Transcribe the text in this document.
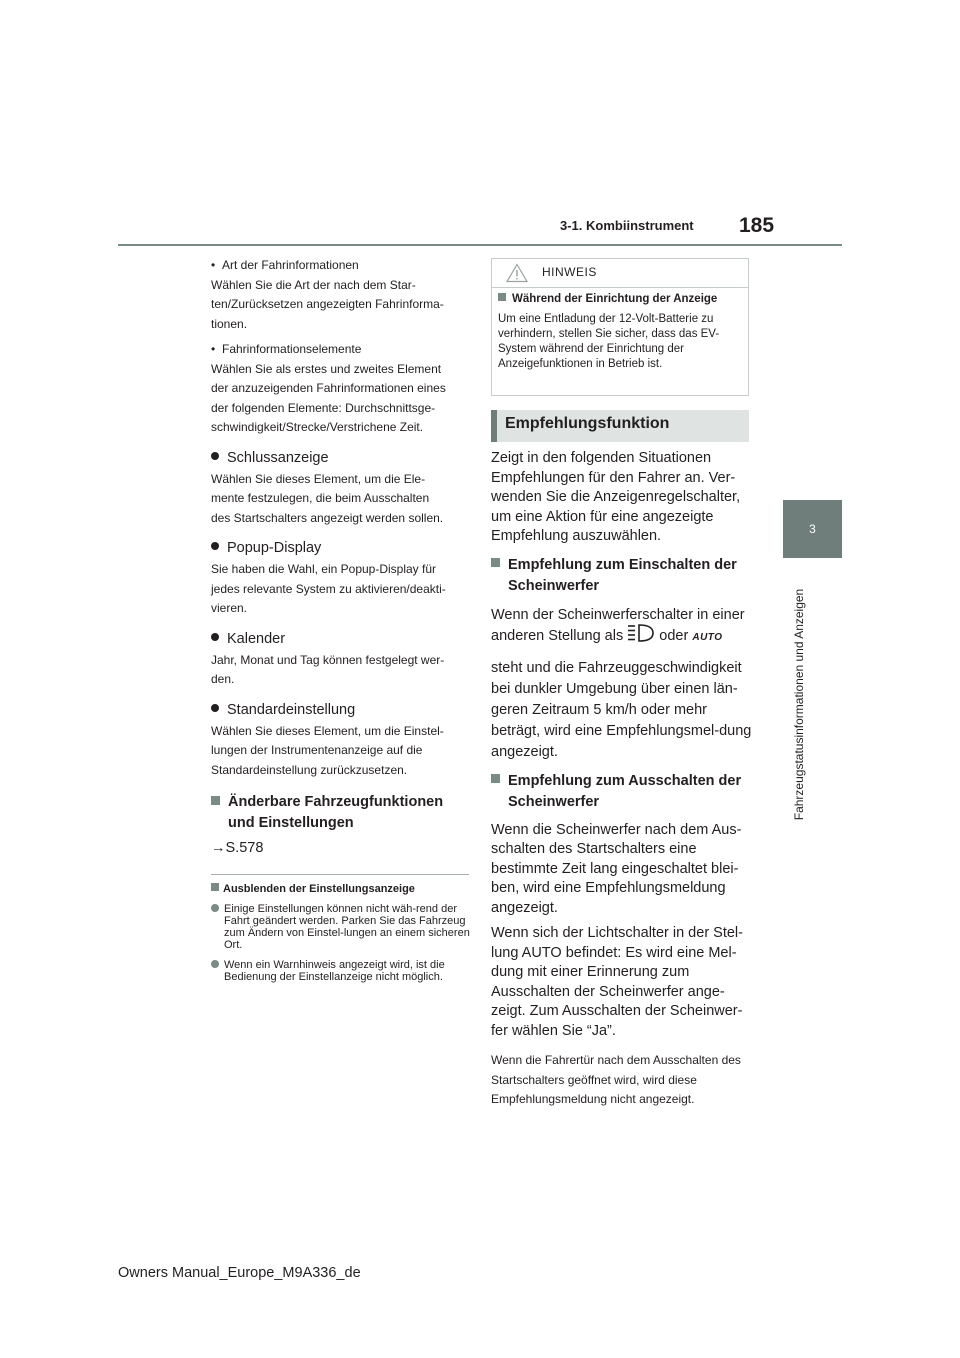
3-1. Kombiinstrument 185
3
Fahrzeugstatusinformationen und Anzeigen

• Art der Fahrinformationen

Wählen Sie die Art der nach dem Star-

ten/Zurücksetzen angezeigten Fahrinforma-

tionen.

• Fahrinformationselemente

Wählen Sie als erstes und zweites Element

der anzuzeigenden Fahrinformationen eines

der folgenden Elemente: Durchschnittsge-

schwindigkeit/Strecke/Verstrichene Zeit.

Schlussanzeige

Wählen Sie dieses Element, um die Ele-

mente festzulegen, die beim Ausschalten

des Startschalters angezeigt werden sollen.

Popup-Display

Sie haben die Wahl, ein Popup-Display für

jedes relevante System zu aktivieren/deakti-

vieren.

Kalender

Jahr, Monat und Tag können festgelegt wer-

den.

Standardeinstellung

Wählen Sie dieses Element, um die Einstel-

lungen der Instrumentenanzeige auf die

Standardeinstellung zurückzusetzen.

Änderbare Fahrzeugfunktionen und Einstellungen
→S.578
Ausblenden der Einstellungsanzeige
Einige Einstellungen können nicht wäh-rend der Fahrt geändert werden. Parken Sie das Fahrzeug zum Ändern von Einstel-lungen an einem sicheren Ort.
Wenn ein Warnhinweis angezeigt wird, ist die Bedienung der Einstellanzeige nicht möglich.
HINWEIS
Während der Einrichtung der Anzeige
Um eine Entladung der 12-Volt-Batterie zu verhindern, stellen Sie sicher, dass das EV-System während der Einrichtung der Anzeigefunktionen in Betrieb ist.
Empfehlungsfunktion
Zeigt in den folgenden Situationen Empfehlungen für den Fahrer an. Ver-wenden Sie die Anzeigenregelschalter, um eine Aktion für eine angezeigte Empfehlung auszuwählen.
Empfehlung zum Einschalten der Scheinwerfer
Wenn der Scheinwerferschalter in einer anderen Stellung als oder AUTO
steht und die Fahrzeuggeschwindigkeit bei dunkler Umgebung über einen län-geren Zeitraum 5 km/h oder mehr beträgt, wird eine Empfehlungsmel-dung angezeigt.
Empfehlung zum Ausschalten der Scheinwerfer
Wenn die Scheinwerfer nach dem Aus-schalten des Startschalters eine bestimmte Zeit lang eingeschaltet blei-ben, wird eine Empfehlungsmeldung angezeigt.
Wenn sich der Lichtschalter in der Stel-lung AUTO befindet: Es wird eine Mel-dung mit einer Erinnerung zum Ausschalten der Scheinwerfer ange-zeigt. Zum Ausschalten der Scheinwer-fer wählen Sie “Ja”.
Wenn die Fahrertür nach dem Ausschalten des Startschalters geöffnet wird, wird diese Empfehlungsmeldung nicht angezeigt.
Owners Manual_Europe_M9A336_de
